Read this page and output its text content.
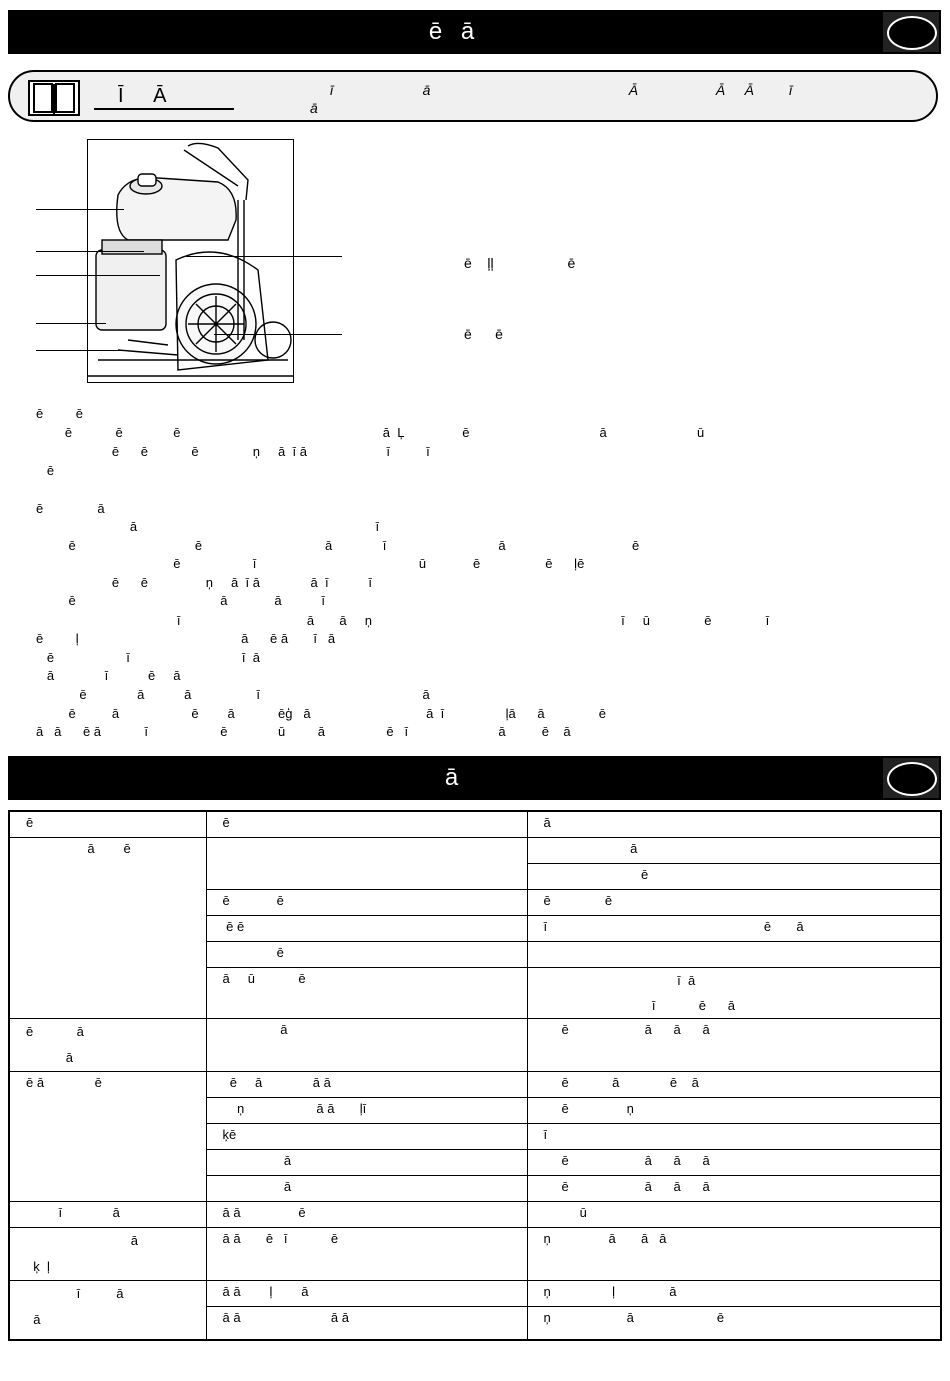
ē ā
Ī Ā	ī                       ā                                                   Ā                    Ā     Ā         ī
ā
ē    ļļ                   ē
ē      ē
ē         ē
ē            ē              ē                                                        ā  Ļ                ē                                    ā                         ū
ē      ē            ē               ņ     ā  ī ā                      ī          ī
ē
ē               ā
ā                                                                  ī
ē                                 ē                                  ā              ī                               ā                                   ē
ē                    ī                                             ū             ē                  ē      ļē
ē      ē                ņ     ā  ī ā              ā  ī           ī
ē                                        ā             ā           ī
ī                                   ā       ā     ņ                                                                     ī     ū               ē               ī
ē         ļ                                             ā      ē ā       ī   ā
ē                    ī                               ī  ā
ā              ī           ē     ā
ē              ā           ā                  ī                                             ā
ē          ā                    ē        ā            ēģ   ā                                ā  ī                 ļā      ā               ē
ā   ā      ē ā            ī                    ē              ū         ā                 ē   ī                         ā          ē    ā
ā
ē	ē	ā
ā        ē		ā
		ē
	ē             ē	ē               ē
	ē ē	ī                                                            ē       ā
	ē	
	ā     ū            ē	ī  ā
ī            ē      ā

ē            ā
ā	ā	ē                     ā      ā      ā
ē ā              ē	ē     ā              ā ā	ē            ā              ē    ā
	ņ                    ā ā       ļī	ē                ņ
	ķē	ī
	ā	ē                     ā      ā      ā
	ā	ē                     ā      ā      ā
ī              ā	ā ā                ē	ū
ā
ķ  ļ	ā ā       ē   ī            ē	ņ                ā       ā   ā
ī          ā
ā	ā ā        ļ        ā	ņ                 ļ               ā
	ā ā                         ā ā	ņ                     ā                       ē
